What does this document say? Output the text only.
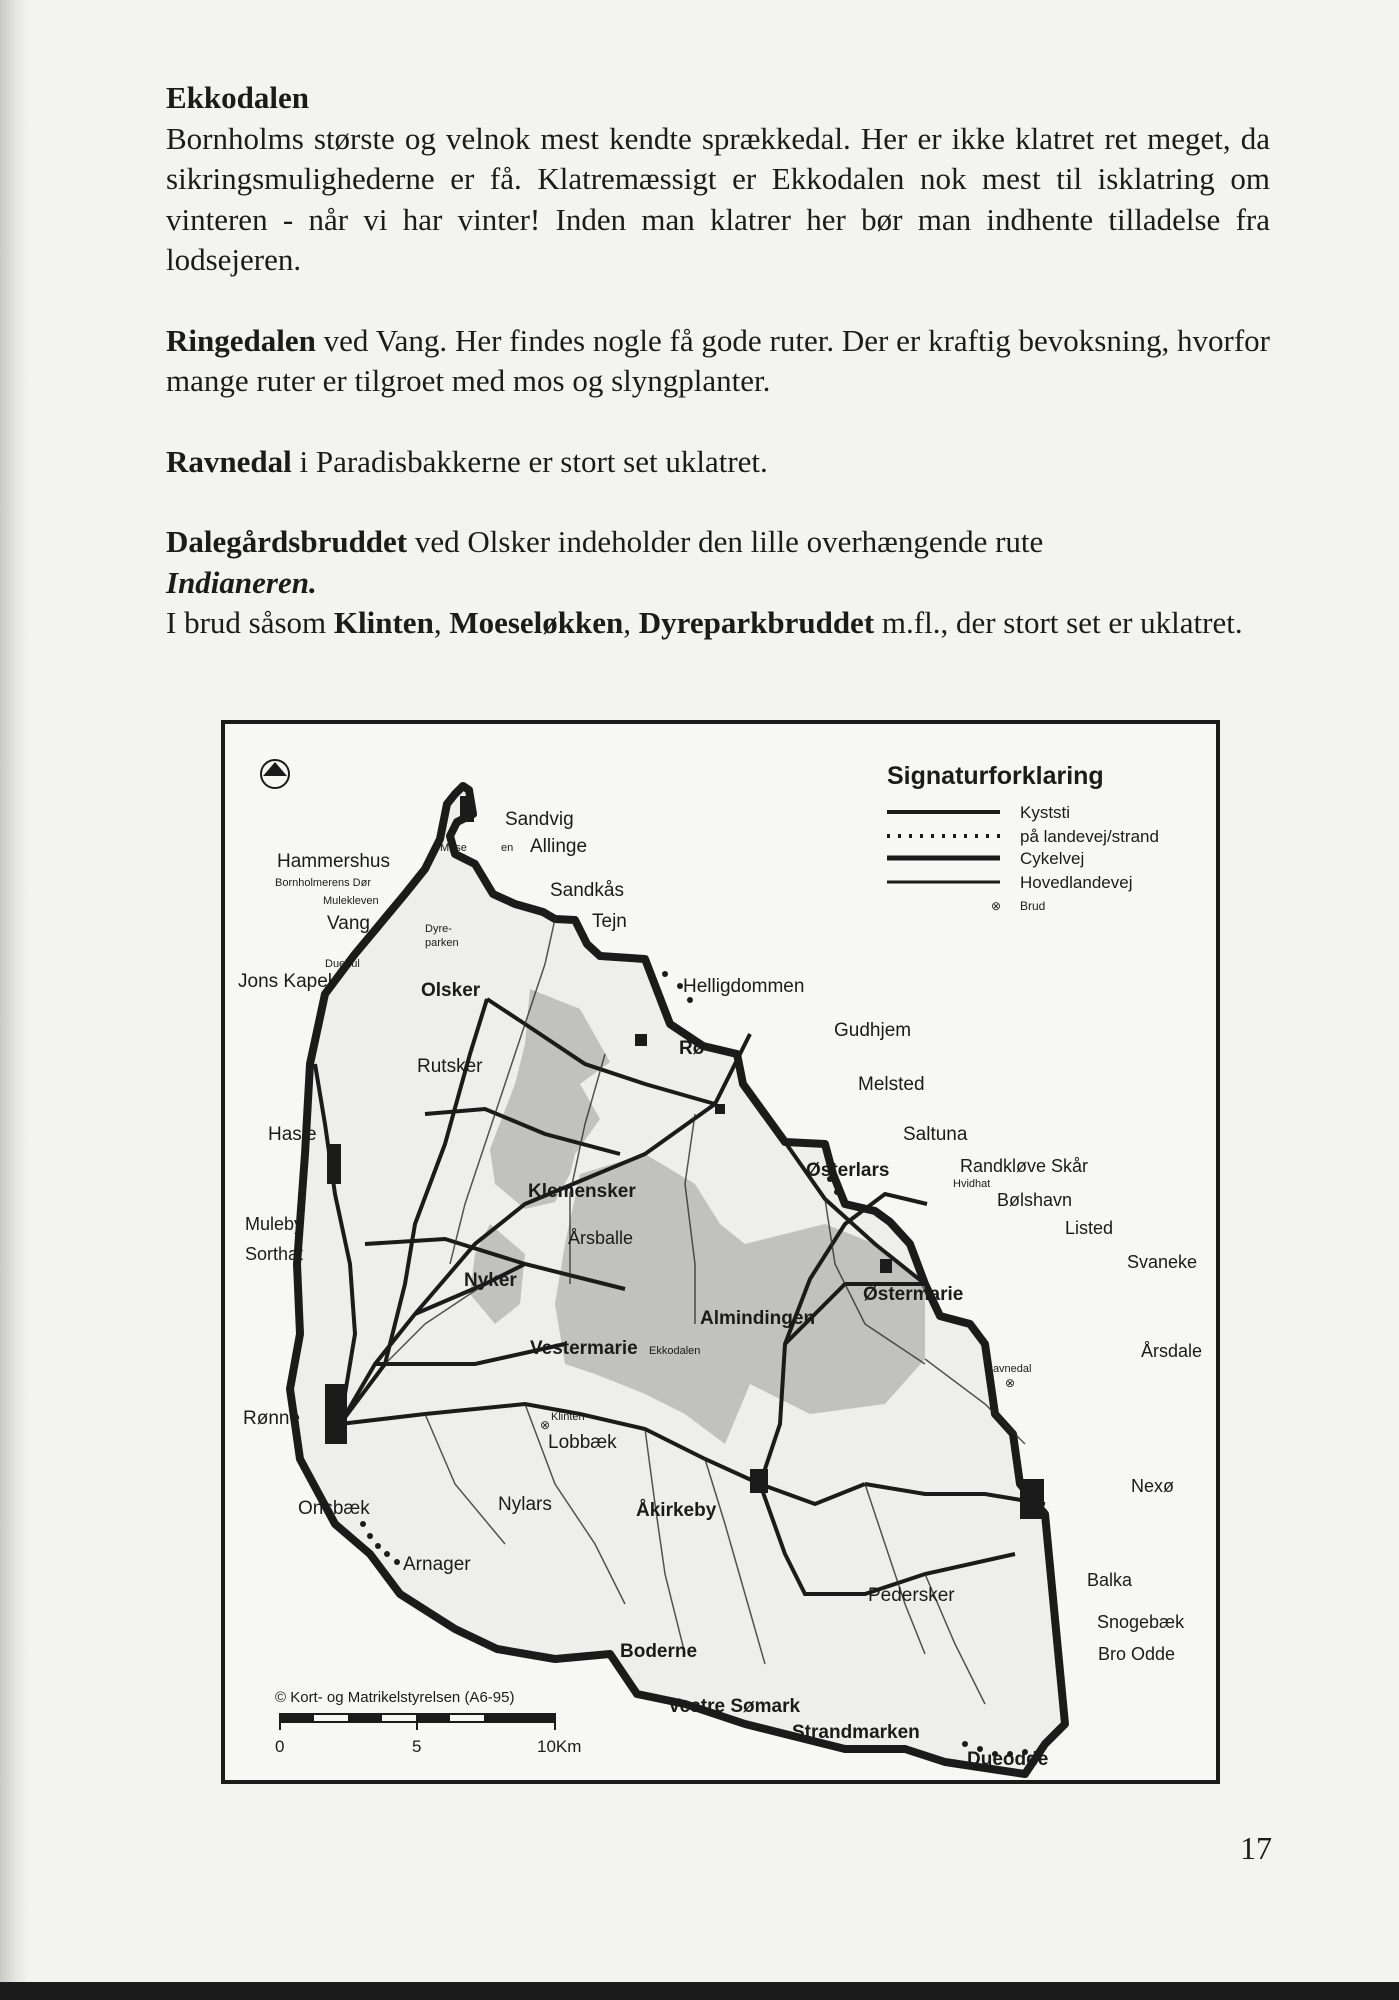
Ekkodalen
Bornholms største og velnok mest kendte sprækkedal. Her er ikke klatret ret meget, da sikringsmulighederne er få. Klatremæssigt er Ekkodalen nok mest til isklatring om vinteren - når vi har vinter! Inden man klatrer her bør man indhente tilladelse fra lodsejeren.

Ringedalen ved Vang. Her findes nogle få gode ruter. Der er kraftig bevoksning, hvorfor mange ruter er tilgroet med mos og slyngplanter.

Ravnedal i Paradisbakkerne er stort set uklatret.

Dalegårdsbruddet ved Olsker indeholder den lille overhængende rute
Indianeren.

I brud såsom Klinten, Moeseløkken, Dyreparkbruddet m.fl., der stort set er uklatret.

Signaturforklaring
Kyststi
på landevej/strand
Cykelvej
Hovedlandevej
⊗ Brud
Sandvig
Allinge
Mose	en
Hammershus
Bornholmerens Dør
Mulekleven
Vang
Sandkås
Tejn
Dyre-
parken
Duehul
Jons Kapel	Olsker	Helligdommen
Rø
Gudhjem
Rutsker
Melsted
Hasle	Saltuna
Østerlars	Randkløve Skår
Hvidhat
Bølshavn
Klemensker
Muleby
Sorthat
Listed
Årsballe
Svaneke
Nyker
Østermarie
Almindingen
Vestermarie Ekkodalen	Årsdale
Ravnedal
⊗
Rønne	Klinten
⊗
Lobbæk
Nexø
Onsbæk	Nylars	Åkirkeby
Arnager
Balka
Pedersker
Snogebæk
Bro Odde
Boderne
Vestre Sømark
Strandmarken
Dueodde
© Kort- og Matrikelstyrelsen (A6-95)
0	5	10Km
17
